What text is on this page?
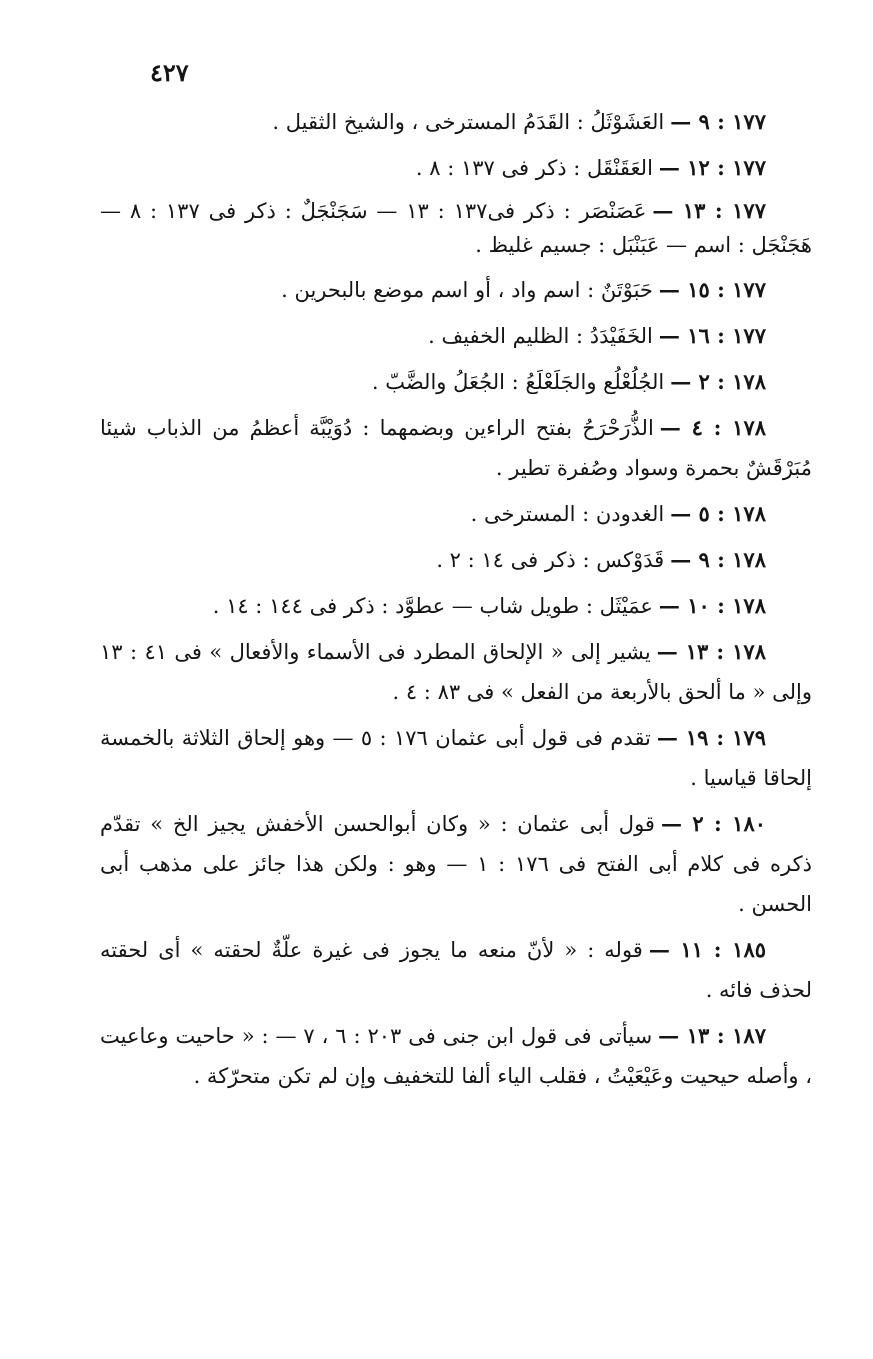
٤٢٧

١٧٧ : ٩ —العَشَوْثَلُ : القَدَمُ المسترخى ، والشيخ الثقيل .

١٧٧ : ١٢ —العَقَنْقَل : ذكر فى ١٣٧ : ٨ .

١٧٧ : ١٣ —عَصَنْصَر : ذكر فى١٣٧ : ١٣ — سَجَنْجَلٌ : ذكر فى ١٣٧ : ٨ — هَجَنْجَل : اسم — عَبَنْبَل : جسيم غليظ .

١٧٧ : ١٥ —حَبَوْتَنٌ : اسم واد ، أو اسم موضع بالبحرين .

١٧٧ : ١٦ —الخَفَيْدَدُ : الظليم الخفيف .

١٧٨ : ٢ —الجُلُعْلُع والجَلَعْلَعُ : الجُعَلُ والضَّبّ .

١٧٨ : ٤ —الذُّرَحْرَحُ بفتح الراءين وبضمهما : دُوَيْبَّة أعظمُ من الذباب شيئا مُبَرْقَشٌ بحمرة وسواد وصُفرة تطير .

١٧٨ : ٥ —الغدودن : المسترخى .

١٧٨ : ٩ —قَدَوْكس : ذكر فى ١٤ : ٢ .

١٧٨ : ١٠ —عمَيْثَل : طويل شاب — عطوَّد : ذكر فى ١٤٤ : ١٤ .

١٧٨ : ١٣ —يشير إلى « الإلحاق المطرد فى الأسماء والأفعال » فى ٤١ : ١٣ وإلى « ما ألحق بالأربعة من الفعل » فى ٨٣ : ٤ .

١٧٩ : ١٩ —تقدم فى قول أبى عثمان ١٧٦ : ٥ — وهو إلحاق الثلاثة بالخمسة إلحاقا قياسيا .

١٨٠ : ٢ —قول أبى عثمان : « وكان أبوالحسن الأخفش يجيز الخ » تقدّم ذكره فى كلام أبى الفتح فى ١٧٦ : ١ — وهو : ولكن هذا جائز على مذهب أبى الحسن .

١٨٥ : ١١ —قوله : « لأنّ منعه ما يجوز فى غيرة علّةٌ لحقته » أى لحقته لحذف فائه .

١٨٧ : ١٣ —سيأتى فى قول ابن جنى فى ٢٠٣ : ٦ ، ٧ — : « حاحيت وعاعيت ، وأصله حيحيت وعَيْعَيْتُ ، فقلب الياء ألفا للتخفيف وإن لم تكن متحرّكة .
